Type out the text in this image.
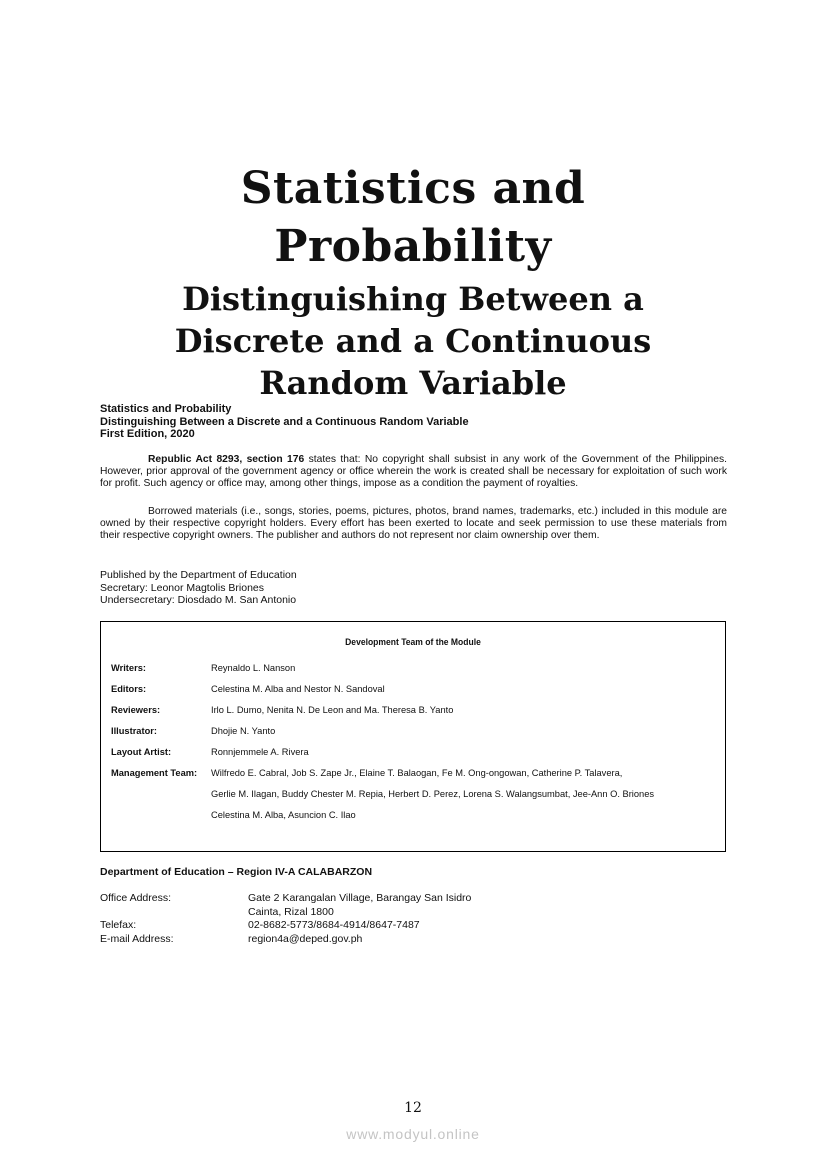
Statistics and Probability
Distinguishing Between a Discrete and a Continuous Random Variable
Statistics and Probability
Distinguishing Between a Discrete and a Continuous Random Variable
First Edition, 2020

Republic Act 8293, section 176 states that: No copyright shall subsist in any work of the Government of the Philippines. However, prior approval of the government agency or office wherein the work is created shall be necessary for exploitation of such work for profit. Such agency or office may, among other things, impose as a condition the payment of royalties.

Borrowed materials (i.e., songs, stories, poems, pictures, photos, brand names, trademarks, etc.) included in this module are owned by their respective copyright holders. Every effort has been exerted to locate and seek permission to use these materials from their respective copyright owners. The publisher and authors do not represent nor claim ownership over them.

Published by the Department of Education
Secretary: Leonor Magtolis Briones
Undersecretary: Diosdado M. San Antonio
Development Team of the Module
Writers:	Reynaldo L. Nanson
Editors:	Celestina M. Alba and Nestor N. Sandoval
Reviewers:	Irlo L. Dumo, Nenita N. De Leon and Ma. Theresa B. Yanto
Illustrator:	Dhojie N. Yanto
Layout Artist:	Ronnjemmele A. Rivera
Management Team: Wilfredo E. Cabral, Job S. Zape Jr., Elaine T. Balaogan, Fe M. Ong-ongowan, Catherine P. Talavera,
Gerlie M. Ilagan, Buddy Chester M. Repia, Herbert D. Perez, Lorena S. Walangsumbat, Jee-Ann O. Briones
Celestina M. Alba, Asuncion C. Ilao
Department of Education – Region IV-A CALABARZON
Office Address:	Gate 2 Karangalan Village, Barangay San Isidro
Cainta, Rizal 1800
Telefax:	02-8682-5773/8684-4914/8647-7487
E-mail Address:	region4a@deped.gov.ph
12
www.modyul.online
